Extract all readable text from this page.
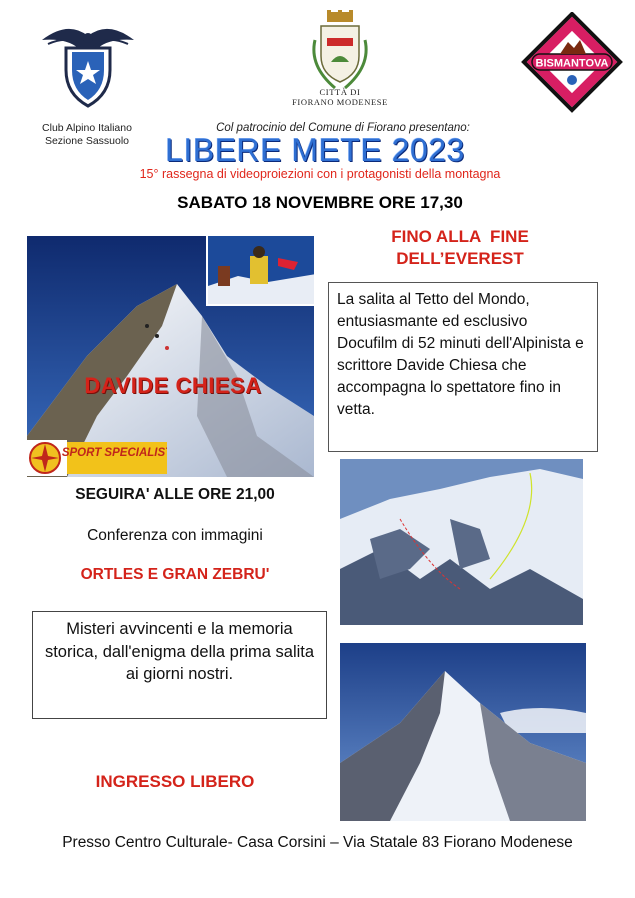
Club Alpino Italiano
Sezione Sassuolo
CITTÀ DI
FIORANO MODENESE
BISMANTOVA
Col patrocinio del Comune di Fiorano presentano:
LIBERE METE 2023
15° rassegna di videoproiezioni con i protagonisti della montagna
SABATO 18 NOVEMBRE ORE 17,30
DAVIDE CHIESA
SPORT SPECIALIST
FINO ALLA  FINE
DELL’EVEREST
La salita al Tetto del Mondo, entusiasmante ed esclusivo Docufilm di 52 minuti dell'Alpinista e scrittore Davide Chiesa che accompagna lo spettatore fino in vetta.
SEGUIRA' ALLE ORE 21,00
Conferenza con immagini
ORTLES E GRAN ZEBRU'
Misteri avvincenti e la memoria storica, dall'enigma della prima salita ai giorni nostri.
INGRESSO LIBERO
Presso Centro Culturale- Casa Corsini – Via Statale 83 Fiorano Modenese
